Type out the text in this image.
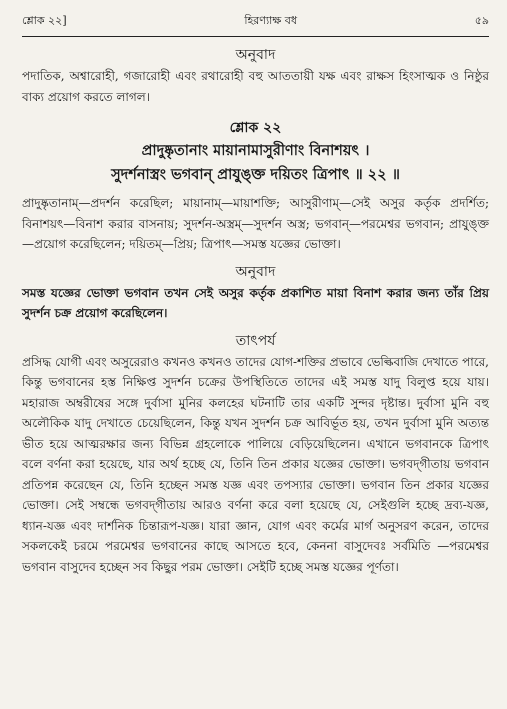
শ্লোক ২২]	হিরণ্যাক্ষ বধ	৫৯

অনুবাদ

পদাতিক, অশ্বারোহী, গজারোহী এবং রথারোহী বহু আততায়ী যক্ষ এবং রাক্ষস হিংসাত্মক ও নিষ্ঠুর বাক্য প্রয়োগ করতে লাগল।

শ্লোক ২২

প্রাদুষ্কৃতানাং মায়ানামাসুরীণাং বিনাশয়ৎ ।

সুদর্শনাস্ত্রং ভগবান্‌ প্রাযুঙ্‌ক্ত দয়িতং ত্রিপাৎ ॥ ২২ ॥

প্রাদুষ্কৃতানাম্‌—প্রদর্শন করেছিল; মায়ানাম্‌—মায়াশক্তি; আসুরীণাম্‌—সেই অসুর কর্তৃক প্রদর্শিত; বিনাশয়ৎ—বিনাশ করার বাসনায়; সুদর্শন-অস্ত্রম্‌—সুদর্শন অস্ত্র; ভগবান্‌—পরমেশ্বর ভগবান; প্রাযুঙ্‌ক্ত—প্রয়োগ করেছিলেন; দয়িতম্‌—প্রিয়; ত্রিপাৎ—সমস্ত যজ্ঞের ভোক্তা।

অনুবাদ

সমস্ত যজ্ঞের ভোক্তা ভগবান তখন সেই অসুর কর্তৃক প্রকাশিত মায়া বিনাশ করার জন্য তাঁর প্রিয় সুদর্শন চক্র প্রয়োগ করেছিলেন।

তাৎপর্য

প্রসিদ্ধ যোগী এবং অসুরেরাও কখনও কখনও তাদের যোগ-শক্তির প্রভাবে ভেল্কিবাজি দেখাতে পারে, কিন্তু ভগবানের হস্ত নিক্ষিপ্ত সুদর্শন চক্রের উপস্থিতিতে তাদের এই সমস্ত যাদু বিলুপ্ত হয়ে যায়। মহারাজ অম্বরীষের সঙ্গে দুর্বাসা মুনির কলহের ঘটনাটি তার একটি সুন্দর দৃষ্টান্ত। দুর্বাসা মুনি বহু অলৌকিক যাদু দেখাতে চেয়েছিলেন, কিন্তু যখন সুদর্শন চক্র আবির্ভূত হয়, তখন দুর্বাসা মুনি অত্যন্ত ভীত হয়ে আত্মরক্ষার জন্য বিভিন্ন গ্রহলোকে পালিয়ে বেড়িয়েছিলেন। এখানে ভগবানকে ত্রিপাৎ বলে বর্ণনা করা হয়েছে, যার অর্থ হচ্ছে যে, তিনি তিন প্রকার যজ্ঞের ভোক্তা। ভগবদ্‌গীতায় ভগবান প্রতিপন্ন করেছেন যে, তিনি হচ্ছেন সমস্ত যজ্ঞ এবং তপস্যার ভোক্তা। ভগবান তিন প্রকার যজ্ঞের ভোক্তা। সেই সম্বন্ধে ভগবদ্‌গীতায় আরও বর্ণনা করে বলা হয়েছে যে, সেইগুলি হচ্ছে দ্রব্য-যজ্ঞ, ধ্যান-যজ্ঞ এবং দার্শনিক চিন্তারূপ-যজ্ঞ। যারা জ্ঞান, যোগ এবং কর্মের মার্গ অনুসরণ করেন, তাদের সকলকেই চরমে পরমেশ্বর ভগবানের কাছে আসতে হবে, কেননা বাসুদেবঃ সর্বমিতি —পরমেশ্বর ভগবান বাসুদেব হচ্ছেন সব কিছুর পরম ভোক্তা। সেইটি হচ্ছে সমস্ত যজ্ঞের পূর্ণতা।
